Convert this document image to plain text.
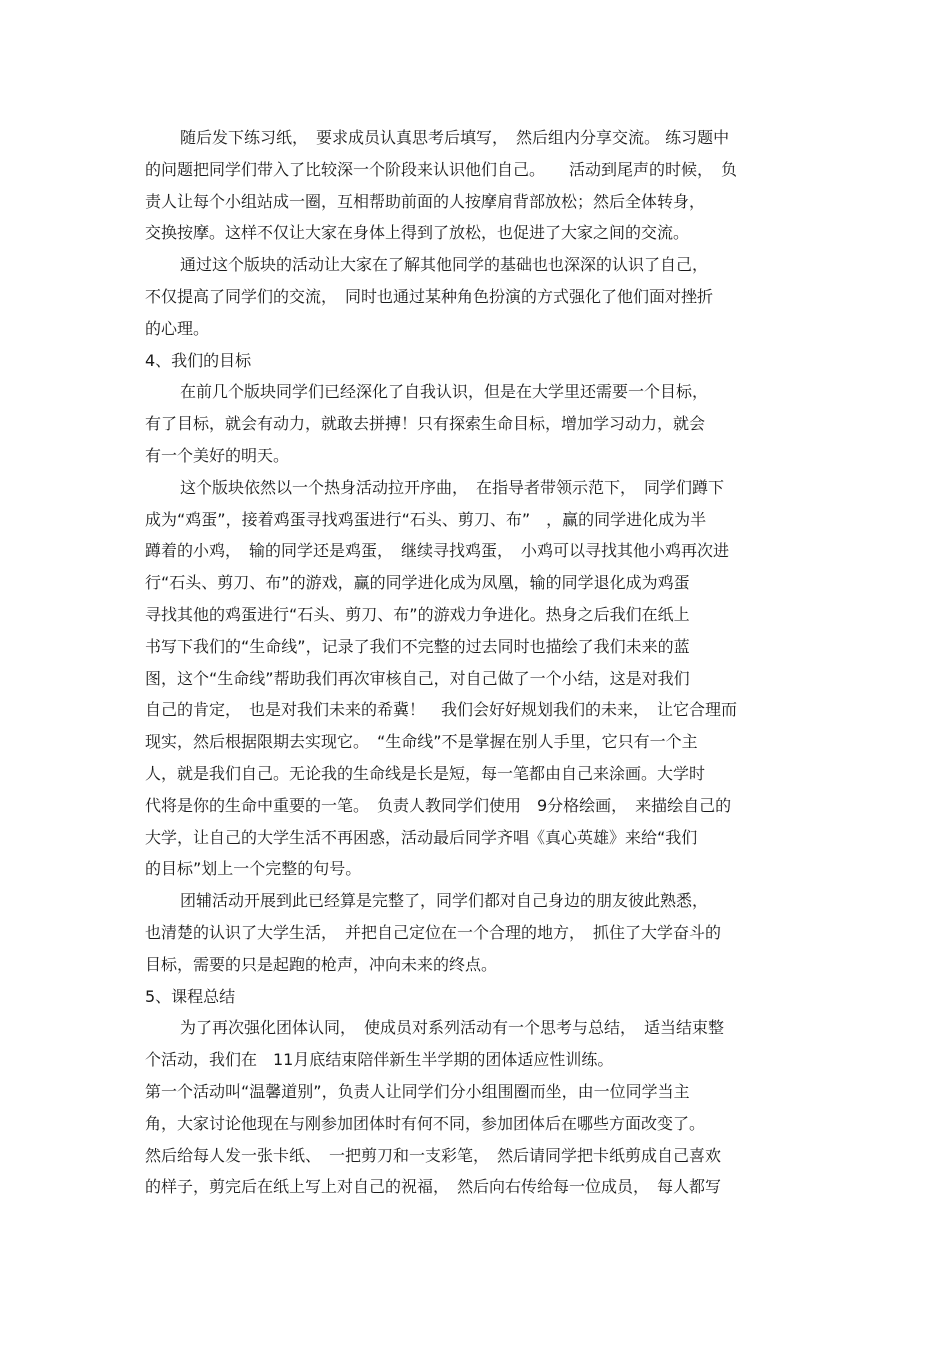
随后发下练习纸，　要求成员认真思考后填写，　然后组内分享交流。 练习题中
的问题把同学们带入了比较深一个阶段来认识他们自己。　　活动到尾声的时候，　负
责人让每个小组站成一圈，互相帮助前面的人按摩肩背部放松；然后全体转身，
交换按摩。这样不仅让大家在身体上得到了放松，也促进了大家之间的交流。
通过这个版块的活动让大家在了解其他同学的基础也也深深的认识了自己，
不仅提高了同学们的交流，　同时也通过某种角色扮演的方式强化了他们面对挫折
的心理。
4、我们的目标
在前几个版块同学们已经深化了自我认识，但是在大学里还需要一个目标，
有了目标，就会有动力，就敢去拼搏！只有探索生命目标，增加学习动力，就会
有一个美好的明天。
这个版块依然以一个热身活动拉开序曲，　在指导者带领示范下，　同学们蹲下
成为“鸡蛋”，接着鸡蛋寻找鸡蛋进行“石头、剪刀、布”　，赢的同学进化成为半
蹲着的小鸡，　输的同学还是鸡蛋，　继续寻找鸡蛋，　小鸡可以寻找其他小鸡再次进
行“石头、剪刀、布”的游戏，赢的同学进化成为凤凰，输的同学退化成为鸡蛋
寻找其他的鸡蛋进行“石头、剪刀、布”的游戏力争进化。热身之后我们在纸上
书写下我们的“生命线”，记录了我们不完整的过去同时也描绘了我们未来的蓝
图，这个“生命线”帮助我们再次审核自己，对自己做了一个小结，这是对我们
自己的肯定，　也是对我们未来的希冀！　我们会好好规划我们的未来，　让它合理而
现实，然后根据限期去实现它。　“生命线”不是掌握在别人手里，它只有一个主
人，就是我们自己。无论我的生命线是长是短，每一笔都由自己来涂画。大学时
代将是你的生命中重要的一笔。　负责人教同学们使用　9分格绘画，　来描绘自己的
大学，让自己的大学生活不再困惑，活动最后同学齐唱《真心英雄》来给“我们
的目标”划上一个完整的句号。
团辅活动开展到此已经算是完整了，同学们都对自己身边的朋友彼此熟悉，
也清楚的认识了大学生活，　并把自己定位在一个合理的地方，　抓住了大学奋斗的
目标，需要的只是起跑的枪声，冲向未来的终点。
5、课程总结
为了再次强化团体认同，　使成员对系列活动有一个思考与总结，　适当结束整
个活动，我们在　11月底结束陪伴新生半学期的团体适应性训练。
第一个活动叫“温馨道别”，负责人让同学们分小组围圈而坐，由一位同学当主
角，大家讨论他现在与刚参加团体时有何不同，参加团体后在哪些方面改变了。
然后给每人发一张卡纸、　一把剪刀和一支彩笔，　然后请同学把卡纸剪成自己喜欢
的样子，剪完后在纸上写上对自己的祝福，　然后向右传给每一位成员，　每人都写
